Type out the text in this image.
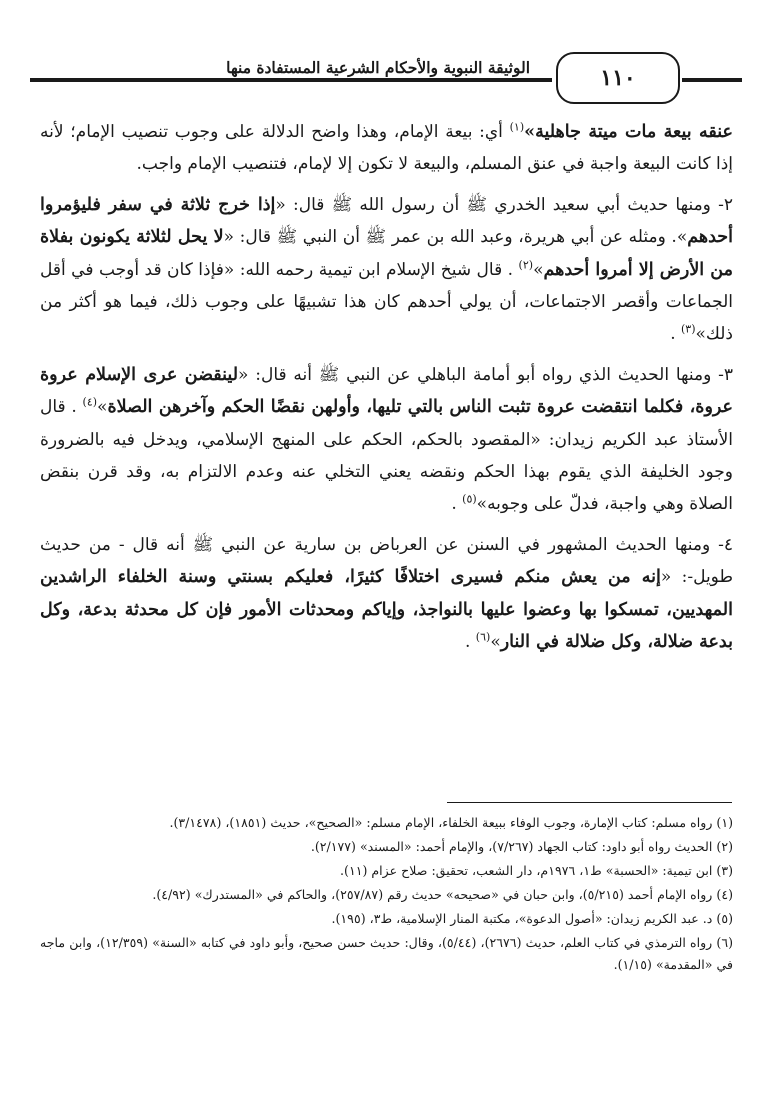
١١٠
الوثيقة النبوية والأحكام الشرعية المستفادة منها

عنقه بيعة مات ميتة جاهلية»$^{(١)}$ أي: بيعة الإمام، وهذا واضح الدلالة على وجوب تنصيب الإمام؛ لأنه إذا كانت البيعة واجبة في عنق المسلم، والبيعة لا تكون إلا لإمام، فتنصيب الإمام واجب.

٢- ومنها حديث أبي سعيد الخدري ﷺ أن رسول الله ﷺ قال: «إذا خرج ثلاثة في سفر فليؤمروا أحدهم». ومثله عن أبي هريرة، وعبد الله بن عمر ﷺ أن النبي ﷺ قال: «لا يحل لثلاثة يكونون بفلاة من الأرض إلا أمروا أحدهم»$^{(٢)}$ . قال شيخ الإسلام ابن تيمية رحمه الله: «فإذا كان قد أوجب في أقل الجماعات وأقصر الاجتماعات، أن يولي أحدهم كان هذا تشبيهًا على وجوب ذلك، فيما هو أكثر من ذلك»$^{(٣)}$ .

٣- ومنها الحديث الذي رواه أبو أمامة الباهلي عن النبي ﷺ أنه قال: «لينقضن عرى الإسلام عروة عروة، فكلما انتقضت عروة تثبت الناس بالتي تليها، وأولهن نقضًا الحكم وآخرهن الصلاة»$^{(٤)}$ . قال الأستاذ عبد الكريم زيدان: «المقصود بالحكم، الحكم على المنهج الإسلامي، ويدخل فيه بالضرورة وجود الخليفة الذي يقوم بهذا الحكم ونقضه يعني التخلي عنه وعدم الالتزام به، وقد قرن بنقض الصلاة وهي واجبة، فدلّ على وجوبه»$^{(٥)}$ .

٤- ومنها الحديث المشهور في السنن عن العرباض بن سارية عن النبي ﷺ أنه قال - من حديث طويل-: «إنه من يعش منكم فسيرى اختلافًا كثيرًا، فعليكم بسنتي وسنة الخلفاء الراشدين المهديين، تمسكوا بها وعضوا عليها بالنواجذ، وإياكم ومحدثات الأمور فإن كل محدثة بدعة، وكل بدعة ضلالة، وكل ضلالة في النار»$^{(٦)}$ .

(١) رواه مسلم: كتاب الإمارة، وجوب الوفاء ببيعة الخلفاء، الإمام مسلم: «الصحيح»، حديث (١٨٥١)، (٣/١٤٧٨).

(٢) الحديث رواه أبو داود: كتاب الجهاد (٧/٢٦٧)، والإمام أحمد: «المسند» (٢/١٧٧).

(٣) ابن تيمية: «الحسبة» ط١، ١٩٧٦م، دار الشعب، تحقيق: صلاح عزام (١١).

(٤) رواه الإمام أحمد (٥/٢١٥)، وابن حبان في «صحيحه» حديث رقم (٢٥٧/٨٧)، والحاكم في «المستدرك» (٤/٩٢).

(٥) د. عبد الكريم زيدان: «أصول الدعوة»، مكتبة المنار الإسلامية، ط٣، (١٩٥).

(٦) رواه الترمذي في كتاب العلم، حديث (٢٦٧٦)، (٥/٤٤)، وقال: حديث حسن صحيح، وأبو داود في كتابه «السنة» (١٢/٣٥٩)، وابن ماجه في «المقدمة» (١/١٥).
